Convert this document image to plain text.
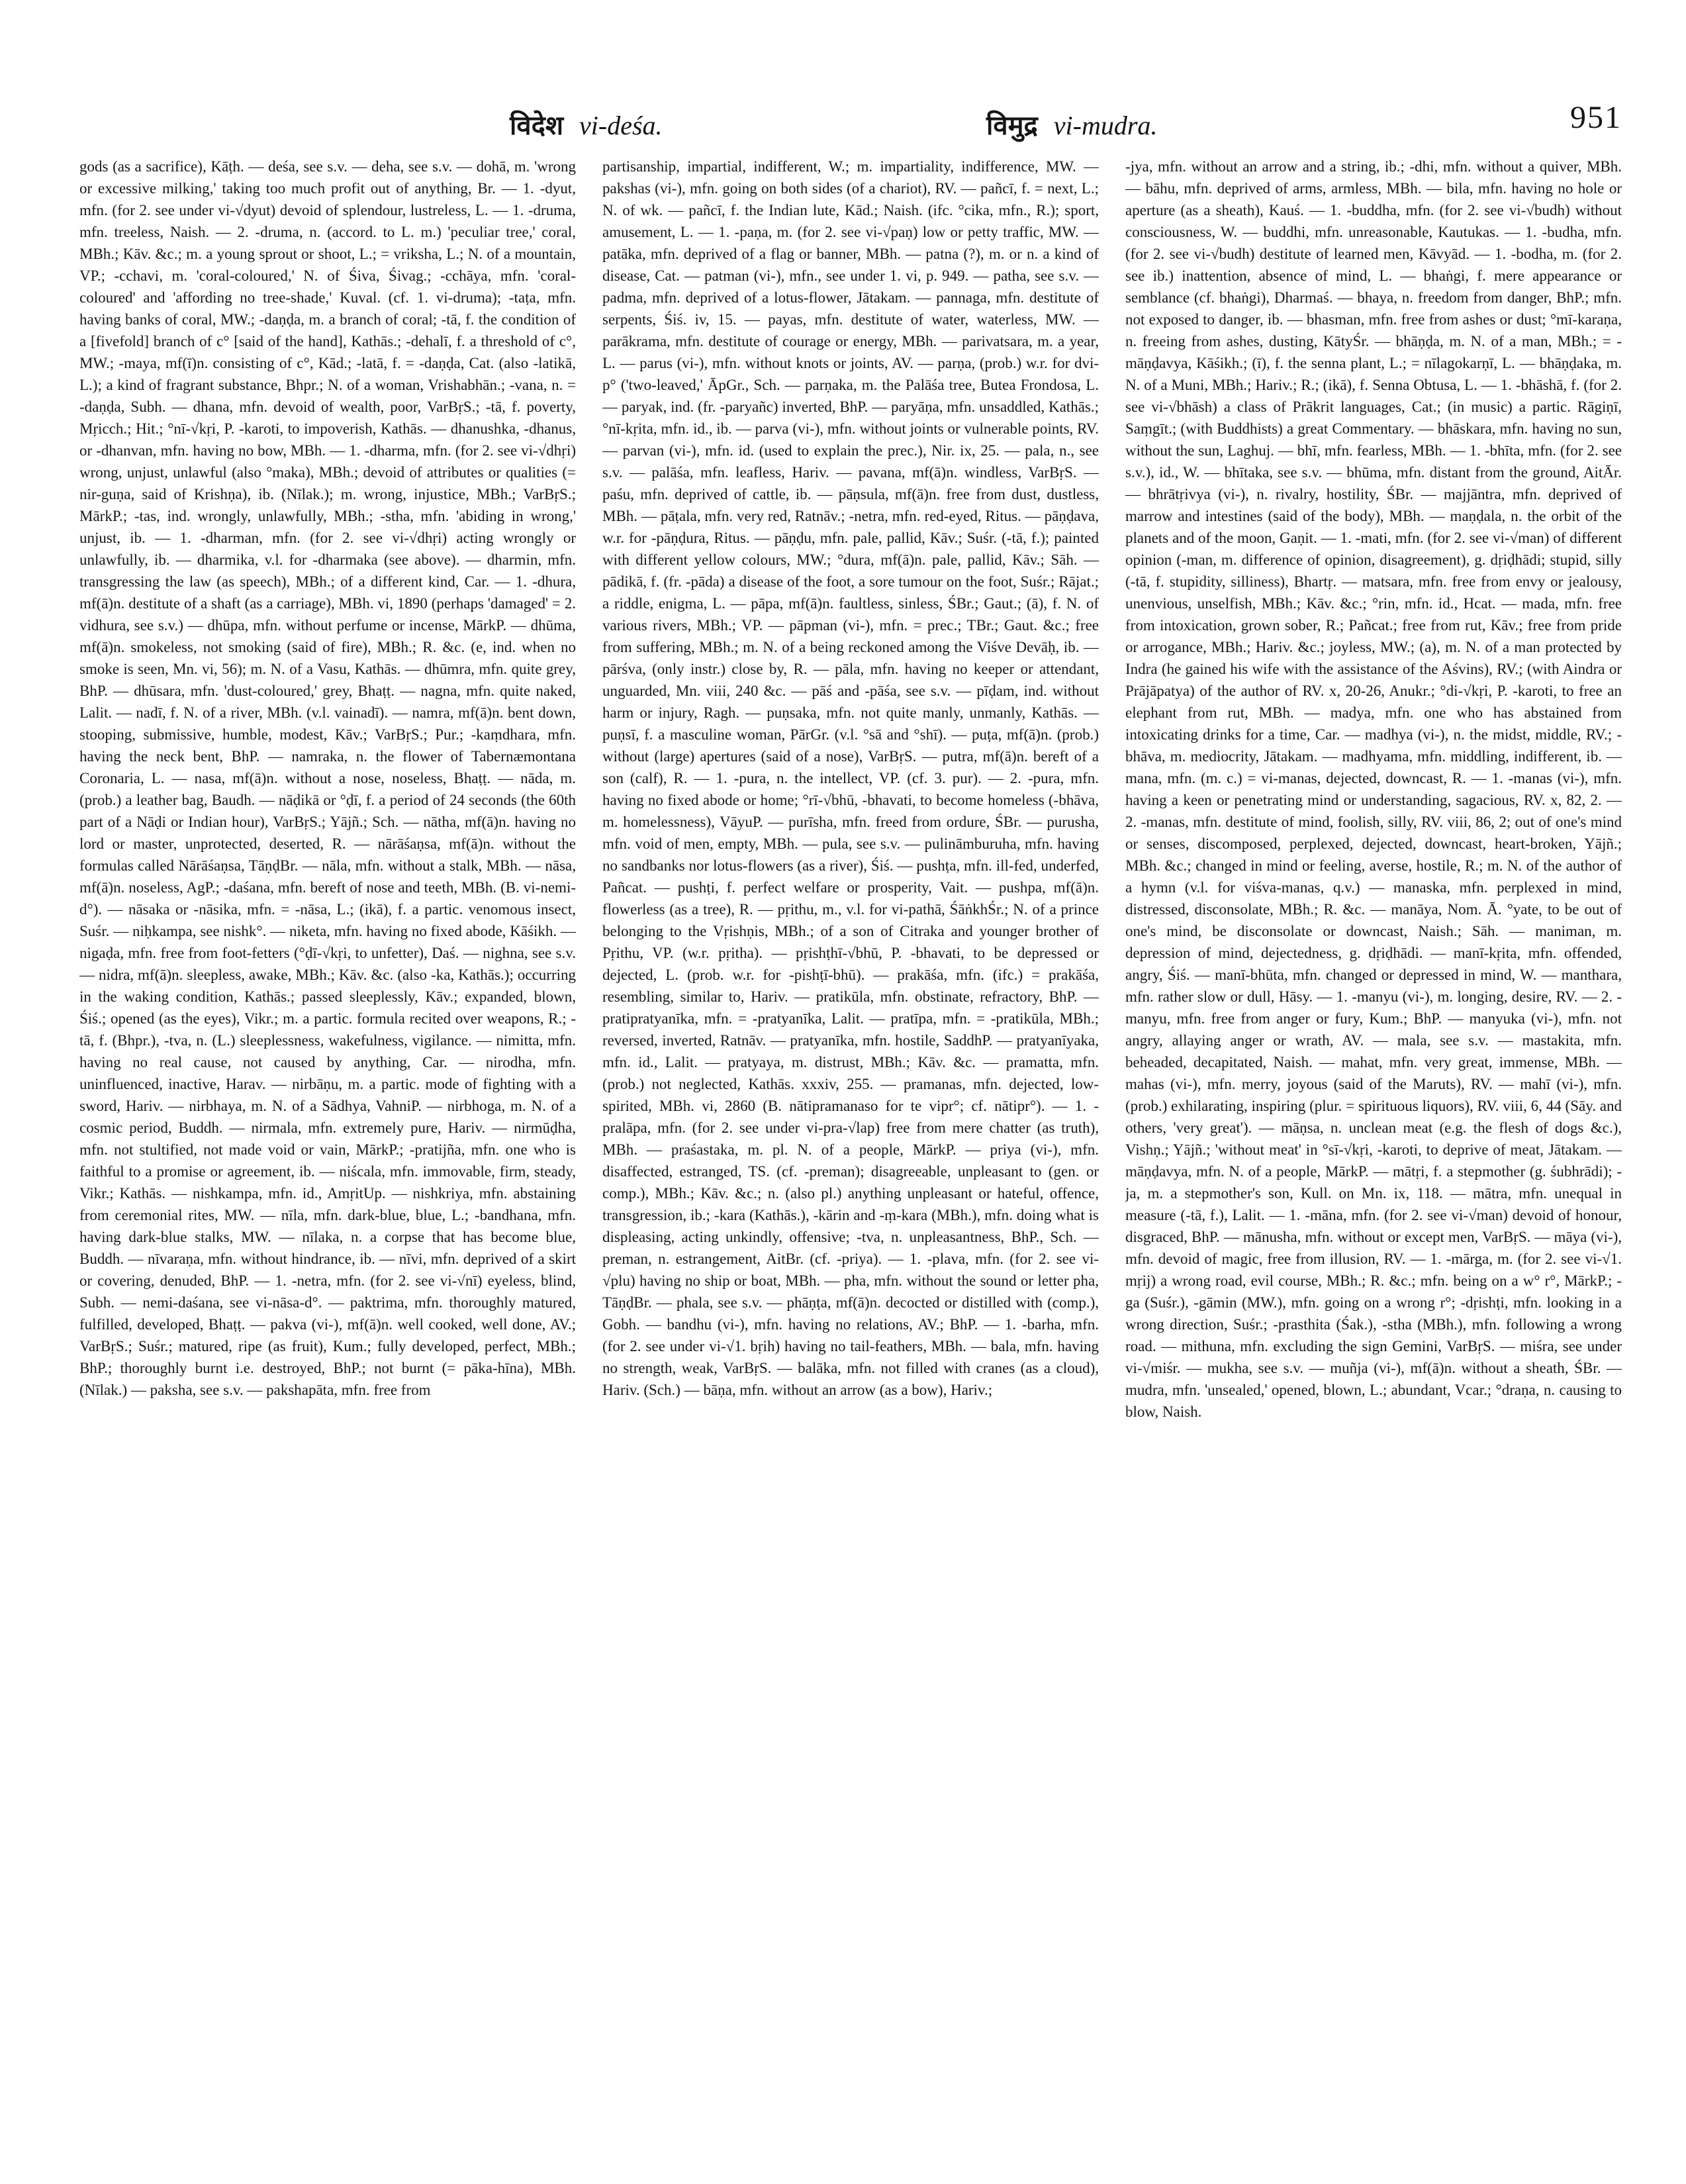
विदेश vi-deśa.	विमुद्र vi-mudra.	951
gods (as a sacrifice), Kāṭh. — deśa, see s.v. — deha, see s.v. — dohā, m. 'wrong or excessive milking,' taking too much profit out of anything, Br. — 1. -dyut, mfn. (for 2. see under vi-√dyut) devoid of splendour, lustreless, L. — 1. -druma, mfn. treeless, Naish. — 2. -druma, n. (accord. to L. m.) 'peculiar tree,' coral, MBh.; Kāv. &c.; m. a young sprout or shoot, L.; = vriksha, L.; N. of a mountain, VP.; -cchavi, m. 'coral-coloured,' N. of Śiva, Śivag.; -cchāya, mfn. 'coral-coloured' and 'affording no tree-shade,' Kuval. (cf. 1. vi-druma); -taṭa, mfn. having banks of coral, MW.; -daṇḍa, m. a branch of coral; -tā, f. the condition of a [fivefold] branch of c° [said of the hand], Kathās.; -dehalī, f. a threshold of c°, MW.; -maya, mf(ī)n. consisting of c°, Kād.; -latā, f. = -daṇḍa, Cat. (also -latikā, L.); a kind of fragrant substance, Bhpr.; N. of a woman, Vrishabhān.; -vana, n. = -daṇḍa, Subh. — dhana, mfn. devoid of wealth, poor, VarBṛS.; -tā, f. poverty, Mṛicch.; Hit.; °nī-√kṛi, P. -karoti, to impoverish, Kathās. — dhanushka, -dhanus, or -dhanvan, mfn. having no bow, MBh. — 1. -dharma, mfn. (for 2. see vi-√dhṛi) wrong, unjust, unlawful (also °maka), MBh.; devoid of attributes or qualities (= nir-guṇa, said of Krishṇa), ib. (Nīlak.); m. wrong, injustice, MBh.; VarBṛS.; MārkP.; -tas, ind. wrongly, unlawfully, MBh.; -stha, mfn. 'abiding in wrong,' unjust, ib. — 1. -dharman, mfn. (for 2. see vi-√dhṛi) acting wrongly or unlawfully, ib. — dharmika, v.l. for -dharmaka (see above). — dharmin, mfn. transgressing the law (as speech), MBh.; of a different kind, Car. — 1. -dhura, mf(ā)n. destitute of a shaft (as a carriage), MBh. vi, 1890 (perhaps 'damaged' = 2. vidhura, see s.v.) — dhūpa, mfn. without perfume or incense, MārkP. — dhūma, mf(ā)n. smokeless, not smoking (said of fire), MBh.; R. &c. (e, ind. when no smoke is seen, Mn. vi, 56); m. N. of a Vasu, Kathās. — dhūmra, mfn. quite grey, BhP. — dhūsara, mfn. 'dust-coloured,' grey, Bhaṭṭ. — nagna, mfn. quite naked, Lalit. — nadī, f. N. of a river, MBh. (v.l. vainadī). — namra, mf(ā)n. bent down, stooping, submissive, humble, modest, Kāv.; VarBṛS.; Pur.; -kaṃdhara, mfn. having the neck bent, BhP. — namraka, n. the flower of Tabernæmontana Coronaria, L. — nasa, mf(ā)n. without a nose, noseless, Bhaṭṭ. — nāda, m. (prob.) a leather bag, Baudh. — nāḍikā or °ḍī, f. a period of 24 seconds (the 60th part of a Nāḍi or Indian hour), VarBṛS.; Yājñ.; Sch. — nātha, mf(ā)n. having no lord or master, unprotected, deserted, R. — nārāśaṇsa, mf(ā)n. without the formulas called Nārāśaṇsa, TāṇḍBr. — nāla, mfn. without a stalk, MBh. — nāsa, mf(ā)n. noseless, AgP.; -daśana, mfn. bereft of nose and teeth, MBh. (B. vi-nemi-d°). — nāsaka or -nāsika, mfn. = -nāsa, L.; (ikā), f. a partic. venomous insect, Suśr. — niḥkampa, see nishk°. — niketa, mfn. having no fixed abode, Kāśikh. — nigaḍa, mfn. free from foot-fetters (°ḍī-√kṛi, to unfetter), Daś. — nighna, see s.v. — nidra, mf(ā)n. sleepless, awake, MBh.; Kāv. &c. (also -ka, Kathās.); occurring in the waking condition, Kathās.; passed sleeplessly, Kāv.; expanded, blown, Śiś.; opened (as the eyes), Vikr.; m. a partic. formula recited over weapons, R.; -tā, f. (Bhpr.), -tva, n. (L.) sleeplessness, wakefulness, vigilance. — nimitta, mfn. having no real cause, not caused by anything, Car. — nirodha, mfn. uninfluenced, inactive, Harav. — nirbāṇu, m. a partic. mode of fighting with a sword, Hariv. — nirbhaya, m. N. of a Sādhya, VahniP. — nirbhoga, m. N. of a cosmic period, Buddh. — nirmala, mfn. extremely pure, Hariv. — nirmūḍha, mfn. not stultified, not made void or vain, MārkP.; -pratijña, mfn. one who is faithful to a promise or agreement, ib. — niścala, mfn. immovable, firm, steady, Vikr.; Kathās. — nishkampa, mfn. id., AmṛitUp. — nishkriya, mfn. abstaining from ceremonial rites, MW. — nīla, mfn. dark-blue, blue, L.; -bandhana, mfn. having dark-blue stalks, MW. — nīlaka, n. a corpse that has become blue, Buddh. — nīvaraṇa, mfn. without hindrance, ib. — nīvi, mfn. deprived of a skirt or covering, denuded, BhP. — 1. -netra, mfn. (for 2. see vi-√nī) eyeless, blind, Subh. — nemi-daśana, see vi-nāsa-d°. — paktrima, mfn. thoroughly matured, fulfilled, developed, Bhaṭṭ. — pakva (vi-), mf(ā)n. well cooked, well done, AV.; VarBṛS.; Suśr.; matured, ripe (as fruit), Kum.; fully developed, perfect, MBh.; BhP.; thoroughly burnt i.e. destroyed, BhP.; not burnt (= pāka-hīna), MBh. (Nīlak.) — paksha, see s.v. — pakshapāta, mfn. free from
partisanship, impartial, indifferent, W.; m. impartiality, indifference, MW. — pakshas (vi-), mfn. going on both sides (of a chariot), RV. — pañcī, f. = next, L.; N. of wk. — pañcī, f. the Indian lute, Kād.; Naish. (ifc. °cika, mfn., R.); sport, amusement, L. — 1. -paṇa, m. (for 2. see vi-√paṇ) low or petty traffic, MW. — patāka, mfn. deprived of a flag or banner, MBh. — patna (?), m. or n. a kind of disease, Cat. — patman (vi-), mfn., see under 1. vi, p. 949. — patha, see s.v. — padma, mfn. deprived of a lotus-flower, Jātakam. — pannaga, mfn. destitute of serpents, Śiś. iv, 15. — payas, mfn. destitute of water, waterless, MW. — parākrama, mfn. destitute of courage or energy, MBh. — parivatsara, m. a year, L. — parus (vi-), mfn. without knots or joints, AV. — parṇa, (prob.) w.r. for dvi-p° ('two-leaved,' ĀpGr., Sch. — parṇaka, m. the Palāśa tree, Butea Frondosa, L. — paryak, ind. (fr. -paryañc) inverted, BhP. — paryāṇa, mfn. unsaddled, Kathās.; °nī-kṛita, mfn. id., ib. — parva (vi-), mfn. without joints or vulnerable points, RV. — parvan (vi-), mfn. id. (used to explain the prec.), Nir. ix, 25. — pala, n., see s.v. — palāśa, mfn. leafless, Hariv. — pavana, mf(ā)n. windless, VarBṛS. — paśu, mfn. deprived of cattle, ib. — pāṇsula, mf(ā)n. free from dust, dustless, MBh. — pāṭala, mfn. very red, Ratnāv.; -netra, mfn. red-eyed, Ritus. — pāṇḍava, w.r. for -pāṇḍura, Ritus. — pāṇḍu, mfn. pale, pallid, Kāv.; Suśr. (-tā, f.); painted with different yellow colours, MW.; °dura, mf(ā)n. pale, pallid, Kāv.; Sāh. — pādikā, f. (fr. -pāda) a disease of the foot, a sore tumour on the foot, Suśr.; Rājat.; a riddle, enigma, L. — pāpa, mf(ā)n. faultless, sinless, ŚBr.; Gaut.; (ā), f. N. of various rivers, MBh.; VP. — pāpman (vi-), mfn. = prec.; TBr.; Gaut. &c.; free from suffering, MBh.; m. N. of a being reckoned among the Viśve Devāḥ, ib. — pārśva, (only instr.) close by, R. — pāla, mfn. having no keeper or attendant, unguarded, Mn. viii, 240 &c. — pāś and -pāśa, see s.v. — pīḍam, ind. without harm or injury, Ragh. — puṇsaka, mfn. not quite manly, unmanly, Kathās. — puṇsī, f. a masculine woman, PārGr. (v.l. °sā and °shī). — puṭa, mf(ā)n. (prob.) without (large) apertures (said of a nose), VarBṛS. — putra, mf(ā)n. bereft of a son (calf), R. — 1. -pura, n. the intellect, VP. (cf. 3. pur). — 2. -pura, mfn. having no fixed abode or home; °rī-√bhū, -bhavati, to become homeless (-bhāva, m. homelessness), VāyuP. — purīsha, mfn. freed from ordure, ŚBr. — purusha, mfn. void of men, empty, MBh. — pula, see s.v. — pulināmburuha, mfn. having no sandbanks nor lotus-flowers (as a river), Śiś. — pushṭa, mfn. ill-fed, underfed, Pañcat. — pushṭi, f. perfect welfare or prosperity, Vait. — pushpa, mf(ā)n. flowerless (as a tree), R. — pṛithu, m., v.l. for vi-pathā, ŚāṅkhŚr.; N. of a prince belonging to the Vṛishṇis, MBh.; of a son of Citraka and younger brother of Pṛithu, VP. (w.r. pṛitha). — pṛishṭhī-√bhū, P. -bhavati, to be depressed or dejected, L. (prob. w.r. for -pishṭī-bhū). — prakāśa, mfn. (ifc.) = prakāśa, resembling, similar to, Hariv. — pratikūla, mfn. obstinate, refractory, BhP. — pratipratyanīka, mfn. = -pratyanīka, Lalit. — pratīpa, mfn. = -pratikūla, MBh.; reversed, inverted, Ratnāv. — pratyanīka, mfn. hostile, SaddhP. — pratyanīyaka, mfn. id., Lalit. — pratyaya, m. distrust, MBh.; Kāv. &c. — pramatta, mfn. (prob.) not neglected, Kathās. xxxiv, 255. — pramanas, mfn. dejected, low-spirited, MBh. vi, 2860 (B. nātipramanaso for te vipr°; cf. nātipr°). — 1. -pralāpa, mfn. (for 2. see under vi-pra-√lap) free from mere chatter (as truth), MBh. — praśastaka, m. pl. N. of a people, MārkP. — priya (vi-), mfn. disaffected, estranged, TS. (cf. -preman); disagreeable, unpleasant to (gen. or comp.), MBh.; Kāv. &c.; n. (also pl.) anything unpleasant or hateful, offence, transgression, ib.; -kara (Kathās.), -kārin and -ṃ-kara (MBh.), mfn. doing what is displeasing, acting unkindly, offensive; -tva, n. unpleasantness, BhP., Sch. — preman, n. estrangement, AitBr. (cf. -priya). — 1. -plava, mfn. (for 2. see vi-√plu) having no ship or boat, MBh. — pha, mfn. without the sound or letter pha, TāṇḍBr. — phala, see s.v. — phāṇṭa, mf(ā)n. decocted or distilled with (comp.), Gobh. — bandhu (vi-), mfn. having no relations, AV.; BhP. — 1. -barha, mfn. (for 2. see under vi-√1. bṛih) having no tail-feathers, MBh. — bala, mfn. having no strength, weak, VarBṛS. — balāka, mfn. not filled with cranes (as a cloud), Hariv. (Sch.) — bāṇa, mfn. without an arrow (as a bow), Hariv.;
-jya, mfn. without an arrow and a string, ib.; -dhi, mfn. without a quiver, MBh. — bāhu, mfn. deprived of arms, armless, MBh. — bila, mfn. having no hole or aperture (as a sheath), Kauś. — 1. -buddha, mfn. (for 2. see vi-√budh) without consciousness, W. — buddhi, mfn. unreasonable, Kautukas. — 1. -budha, mfn. (for 2. see vi-√budh) destitute of learned men, Kāvyād. — 1. -bodha, m. (for 2. see ib.) inattention, absence of mind, L. — bhaṅgi, f. mere appearance or semblance (cf. bhaṅgi), Dharmaś. — bhaya, n. freedom from danger, BhP.; mfn. not exposed to danger, ib. — bhasman, mfn. free from ashes or dust; °mī-karaṇa, n. freeing from ashes, dusting, KātyŚr. — bhāṇḍa, m. N. of a man, MBh.; = -māṇḍavya, Kāśikh.; (ī), f. the senna plant, L.; = nīlagokarṇī, L. — bhāṇḍaka, m. N. of a Muni, MBh.; Hariv.; R.; (ikā), f. Senna Obtusa, L. — 1. -bhāshā, f. (for 2. see vi-√bhāsh) a class of Prākrit languages, Cat.; (in music) a partic. Rāgiṇī, Saṃgīt.; (with Buddhists) a great Commentary. — bhāskara, mfn. having no sun, without the sun, Laghuj. — bhī, mfn. fearless, MBh. — 1. -bhīta, mfn. (for 2. see s.v.), id., W. — bhītaka, see s.v. — bhūma, mfn. distant from the ground, AitĀr. — bhrātṛivya (vi-), n. rivalry, hostility, ŚBr. — majjāntra, mfn. deprived of marrow and intestines (said of the body), MBh. — maṇḍala, n. the orbit of the planets and of the moon, Gaṇit. — 1. -mati, mfn. (for 2. see vi-√man) of different opinion (-man, m. difference of opinion, disagreement), g. dṛiḍhādi; stupid, silly (-tā, f. stupidity, silliness), Bhartṛ. — matsara, mfn. free from envy or jealousy, unenvious, unselfish, MBh.; Kāv. &c.; °rin, mfn. id., Hcat. — mada, mfn. free from intoxication, grown sober, R.; Pañcat.; free from rut, Kāv.; free from pride or arrogance, MBh.; Hariv. &c.; joyless, MW.; (a), m. N. of a man protected by Indra (he gained his wife with the assistance of the Aśvins), RV.; (with Aindra or Prājāpatya) of the author of RV. x, 20-26, Anukr.; °di-√kṛi, P. -karoti, to free an elephant from rut, MBh. — madya, mfn. one who has abstained from intoxicating drinks for a time, Car. — madhya (vi-), n. the midst, middle, RV.; -bhāva, m. mediocrity, Jātakam. — madhyama, mfn. middling, indifferent, ib. — mana, mfn. (m. c.) = vi-manas, dejected, downcast, R. — 1. -manas (vi-), mfn. having a keen or penetrating mind or understanding, sagacious, RV. x, 82, 2. — 2. -manas, mfn. destitute of mind, foolish, silly, RV. viii, 86, 2; out of one's mind or senses, discomposed, perplexed, dejected, downcast, heart-broken, Yājñ.; MBh. &c.; changed in mind or feeling, averse, hostile, R.; m. N. of the author of a hymn (v.l. for viśva-manas, q.v.) — manaska, mfn. perplexed in mind, distressed, disconsolate, MBh.; R. &c. — manāya, Nom. Ā. °yate, to be out of one's mind, be disconsolate or downcast, Naish.; Sāh. — maniman, m. depression of mind, dejectedness, g. dṛiḍhādi. — manī-kṛita, mfn. offended, angry, Śiś. — manī-bhūta, mfn. changed or depressed in mind, W. — manthara, mfn. rather slow or dull, Hāsy. — 1. -manyu (vi-), m. longing, desire, RV. — 2. -manyu, mfn. free from anger or fury, Kum.; BhP. — manyuka (vi-), mfn. not angry, allaying anger or wrath, AV. — mala, see s.v. — mastakita, mfn. beheaded, decapitated, Naish. — mahat, mfn. very great, immense, MBh. — mahas (vi-), mfn. merry, joyous (said of the Maruts), RV. — mahī (vi-), mfn. (prob.) exhilarating, inspiring (plur. = spirituous liquors), RV. viii, 6, 44 (Sāy. and others, 'very great'). — māṇsa, n. unclean meat (e.g. the flesh of dogs &c.), Vishṇ.; Yājñ.; 'without meat' in °sī-√kṛi, -karoti, to deprive of meat, Jātakam. — māṇḍavya, mfn. N. of a people, MārkP. — mātṛi, f. a stepmother (g. śubhrādi); -ja, m. a stepmother's son, Kull. on Mn. ix, 118. — mātra, mfn. unequal in measure (-tā, f.), Lalit. — 1. -māna, mfn. (for 2. see vi-√man) devoid of honour, disgraced, BhP. — mānusha, mfn. without or except men, VarBṛS. — māya (vi-), mfn. devoid of magic, free from illusion, RV. — 1. -mārga, m. (for 2. see vi-√1. mṛij) a wrong road, evil course, MBh.; R. &c.; mfn. being on a w° r°, MārkP.; -ga (Suśr.), -gāmin (MW.), mfn. going on a wrong r°; -dṛishṭi, mfn. looking in a wrong direction, Suśr.; -prasthita (Śak.), -stha (MBh.), mfn. following a wrong road. — mithuna, mfn. excluding the sign Gemini, VarBṛS. — miśra, see under vi-√miśr. — mukha, see s.v. — muñja (vi-), mf(ā)n. without a sheath, ŚBr. — mudra, mfn. 'unsealed,' opened, blown, L.; abundant, Vcar.; °draṇa, n. causing to blow, Naish.
